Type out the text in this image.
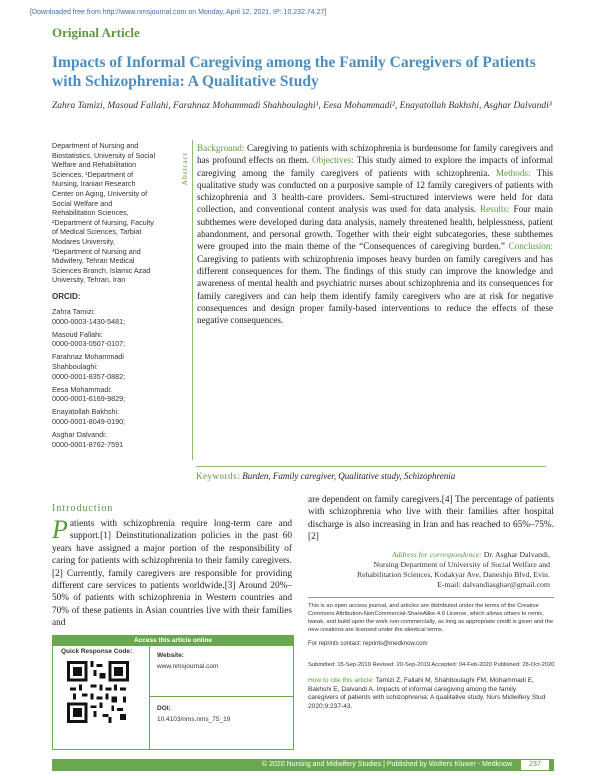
[Downloaded free from http://www.nmsjournal.com on Monday, April 12, 2021, IP: 10.232.74.27]
Original Article
Impacts of Informal Caregiving among the Family Caregivers of Patients with Schizophrenia: A Qualitative Study
Zahra Tamizi, Masoud Fallahi, Farahnaz Mohammadi Shahboulaghi¹, Eesa Mohammadi², Enayatollah Bakhshi, Asghar Dalvandi³
Department of Nursing and Biostatistics, University of Social Welfare and Rehabilitation Sciences, ¹Department of Nursing, Iranian Research Center on Aging, University of Social Welfare and Rehabilitation Sciences, ²Department of Nursing, Faculty of Medical Sciences, Tarbiat Modares University, ³Department of Nursing and Midwifery, Tehran Medical Sciences Branch, Islamic Azad University, Tehran, Iran
ORCID:
Zahra Tamizi:
0000-0003-1430-5481;
Masoud Fallahi:
0000-0003-0507-0107;
Farahnaz Mohammadi Shahboulaghi:
0000-0001-8357-0882;
Eesa Mohammadi:
0000-0001-6169-9829;
Enayatollah Bakhshi:
0000-0001-8049-0190;
Asghar Dalvandi:
0000-0001-8762-7591
Abstract
Background: Caregiving to patients with schizophrenia is burdensome for family caregivers and has profound effects on them. Objectives: This study aimed to explore the impacts of informal caregiving among the family caregivers of patients with schizophrenia. Methods: This qualitative study was conducted on a purposive sample of 12 family caregivers of patients with schizophrenia and 3 health-care providers. Semi-structured interviews were held for data collection, and conventional content analysis was used for data analysis. Results: Four main subthemes were developed during data analysis, namely threatened health, helplessness, patient abandonment, and personal growth. Together with their eight subcategories, these subthemes were grouped into the main theme of the “Consequences of caregiving burden.” Conclusion: Caregiving to patients with schizophrenia imposes heavy burden on family caregivers and has different consequences for them. The findings of this study can improve the knowledge and awareness of mental health and psychiatric nurses about schizophrenia and its consequences for family caregivers and can help them identify family caregivers who are at risk for negative consequences and design proper family-based interventions to reduce the effects of these negative consequences.
Keywords: Burden, Family caregiver, Qualitative study, Schizophrenia
Introduction
Patients with schizophrenia require long-term care and support.[1] Deinstitutionalization policies in the past 60 years have assigned a major portion of the responsibility of caring for patients with schizophrenia to their family caregivers.[2] Currently, family caregivers are responsible for providing different care services to patients worldwide.[3] Around 20%–50% of patients with schizophrenia in Western countries and 70% of these patients in Asian countries live with their families and
are dependent on family caregivers.[4] The percentage of patients with schizophrenia who live with their families after hospital discharge is also increasing in Iran and has reached to 65%–75%.[2]
Address for correspondence: Dr. Asghar Dalvandi,
Nursing Department of University of Social Welfare and
Rehabilitation Sciences, Kodakyar Ave, Daneshjo Blvd, Evin.
E-mail: dalvandiasghar@gmail.com
This is an open access journal, and articles are distributed under the terms of the Creative Commons Attribution-NonCommercial-ShareAlike 4.0 License, which allows others to remix, tweak, and build upon the work non-commercially, as long as appropriate credit is given and the new creations are licensed under the identical terms.
For reprints contact: reprints@medknow.com
Submitted: 15-Sep-2019 Revised: 20-Sep-2019 Accepted: 04-Feb-2020 Published: 28-Oct-2020
How to cite this article: Tamizi Z, Fallahi M, Shahboulaghi FM, Mohammadi E, Bakhshi E, Dalvandi A. Impacts of informal caregiving among the family caregivers of patients with schizophrenia: A qualitative study. Nurs Midwifery Stud 2020;9:237-43.
Access this article online
Quick Response Code:
Website:
www.nmsjournal.com
DOI:
10.4103/nms.nms_75_19
© 2020 Nursing and Midwifery Studies | Published by Wolters Kluwer - Medknow	237
